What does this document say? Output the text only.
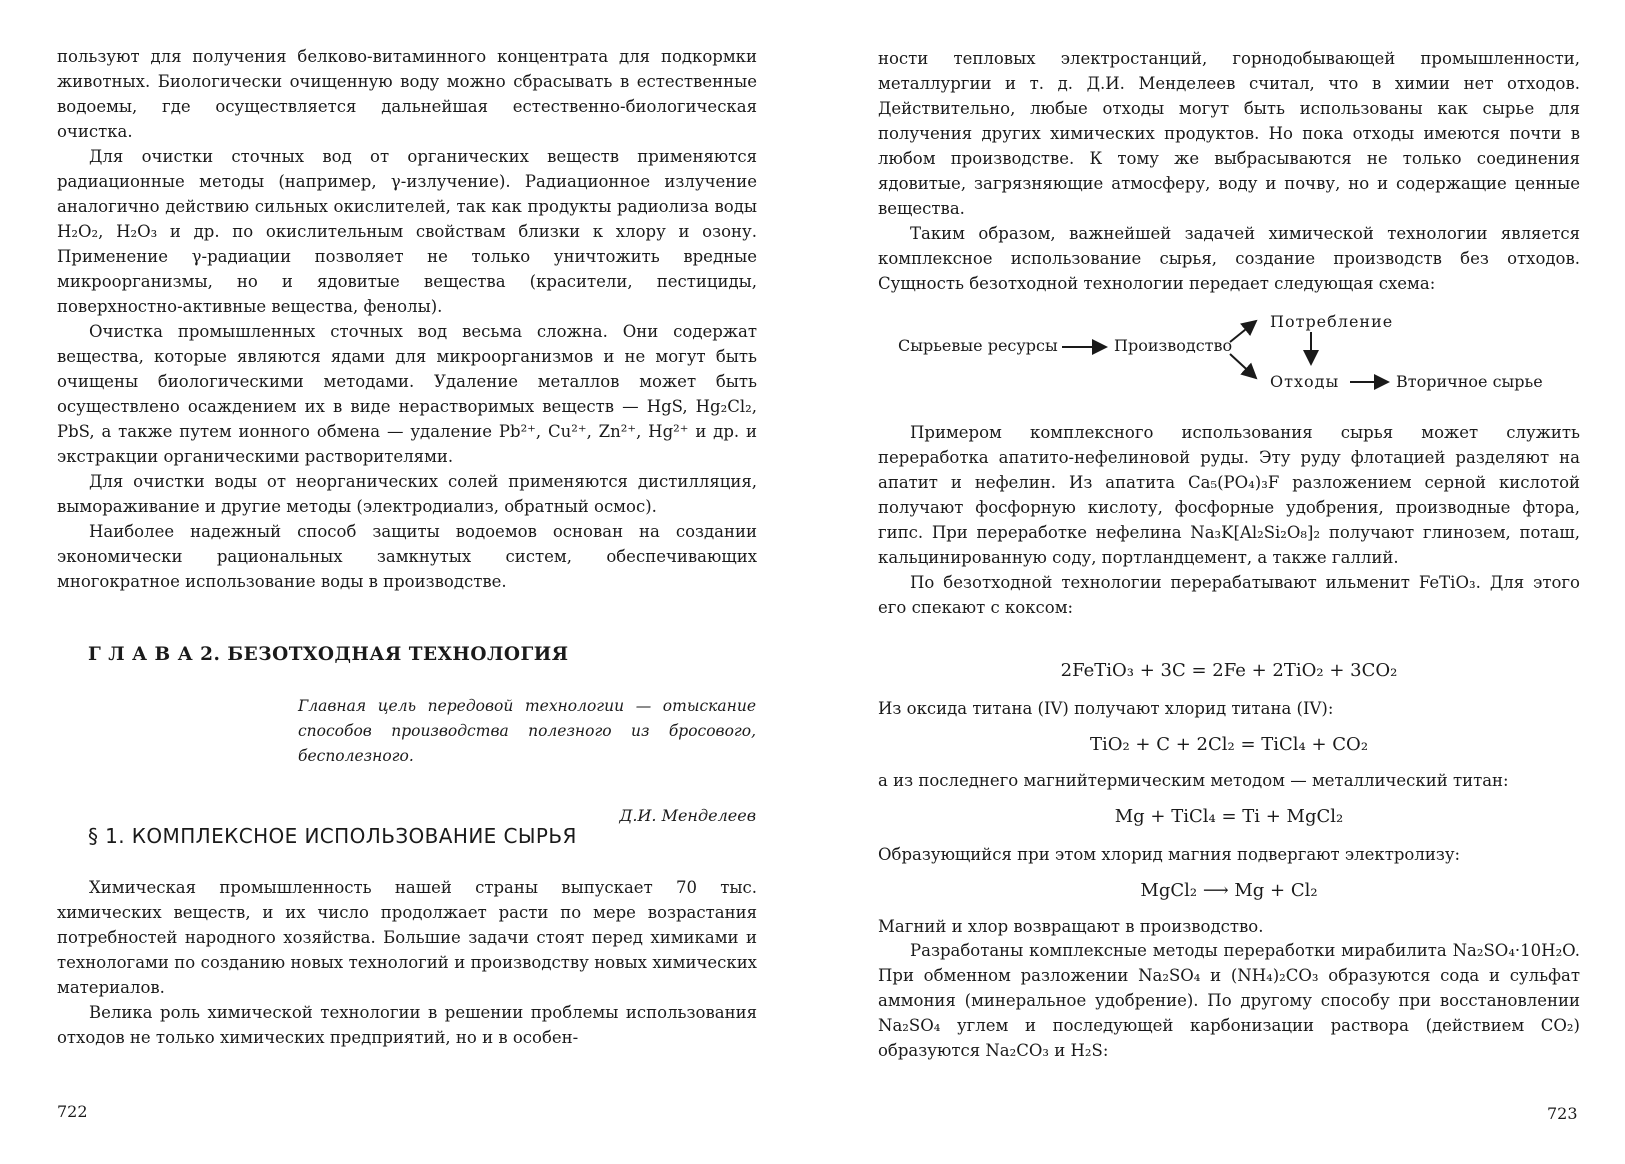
пользуют для получения белково-витаминного концентрата для подкормки животных. Биологически очищенную воду можно сбрасывать в естественные водоемы, где осуществляется дальнейшая естественно-биологическая очистка.

Для очистки сточных вод от органических веществ применяются радиационные методы (например, γ-излучение). Радиационное излучение аналогично действию сильных окислителей, так как продукты радиолиза воды H₂O₂, H₂O₃ и др. по окислительным свойствам близки к хлору и озону. Применение γ-радиации позволяет не только уничтожить вредные микроорганизмы, но и ядовитые вещества (красители, пестициды, поверхностно-активные вещества, фенолы).

Очистка промышленных сточных вод весьма сложна. Они содержат вещества, которые являются ядами для микроорганизмов и не могут быть очищены биологическими методами. Удаление металлов может быть осуществлено осаждением их в виде нерастворимых веществ — HgS, Hg₂Cl₂, PbS, а также путем ионного обмена — удаление Pb²⁺, Cu²⁺, Zn²⁺, Hg²⁺ и др. и экстракции органическими растворителями.

Для очистки воды от неорганических солей применяются дистилляция, вымораживание и другие методы (электродиализ, обратный осмос).

Наиболее надежный способ защиты водоемов основан на создании экономически рациональных замкнутых систем, обеспечивающих многократное использование воды в производстве.

Г Л А В А 2. БЕЗОТХОДНАЯ ТЕХНОЛОГИЯ
Главная цель передовой технологии — отыскание способов производства полезного из бросового, бесполезного.
Д.И. Менделеев
§ 1. КОМПЛЕКСНОЕ ИСПОЛЬЗОВАНИЕ СЫРЬЯ

Химическая промышленность нашей страны выпускает 70 тыс. химических веществ, и их число продолжает расти по мере возрастания потребностей народного хозяйства. Большие задачи стоят перед химиками и технологами по созданию новых технологий и производству новых химических материалов.

Велика роль химической технологии в решении проблемы использования отходов не только химических предприятий, но и в особен-

722

ности тепловых электростанций, горнодобывающей промышленности, металлургии и т. д. Д.И. Менделеев считал, что в химии нет отходов. Действительно, любые отходы могут быть использованы как сырье для получения других химических продуктов. Но пока отходы имеются почти в любом производстве. К тому же выбрасываются не только соединения ядовитые, загрязняющие атмосферу, воду и почву, но и содержащие ценные вещества.

Таким образом, важнейшей задачей химической технологии является комплексное использование сырья, создание производств без отходов. Сущность безотходной технологии передает следующая схема:

Сырьевые ресурсы	Производство
Потребление
Отходы	Вторичное сырье

Примером комплексного использования сырья может служить переработка апатито-нефелиновой руды. Эту руду флотацией разделяют на апатит и нефелин. Из апатита Ca₅(PO₄)₃F разложением серной кислотой получают фосфорную кислоту, фосфорные удобрения, производные фтора, гипс. При переработке нефелина Na₃K[Al₂Si₂O₈]₂ получают глинозем, поташ, кальцинированную соду, портландцемент, а также галлий.

По безотходной технологии перерабатывают ильменит FeTiO₃. Для этого его спекают с коксом:

2FeTiO₃ + 3C = 2Fe + 2TiO₂ + 3CO₂

Из оксида титана (IV) получают хлорид титана (IV):

TiO₂ + C + 2Cl₂ = TiCl₄ + CO₂

а из последнего магнийтермическим методом — металлический титан:

Mg + TiCl₄ = Ti + MgCl₂

Образующийся при этом хлорид магния подвергают электролизу:

MgCl₂ ⟶ Mg + Cl₂

Магний и хлор возвращают в производство.

Разработаны комплексные методы переработки мирабилита Na₂SO₄·10H₂O. При обменном разложении Na₂SO₄ и (NH₄)₂CO₃ образуются сода и сульфат аммония (минеральное удобрение). По другому способу при восстановлении Na₂SO₄ углем и последующей карбонизации раствора (действием CO₂) образуются Na₂CO₃ и H₂S:

723
